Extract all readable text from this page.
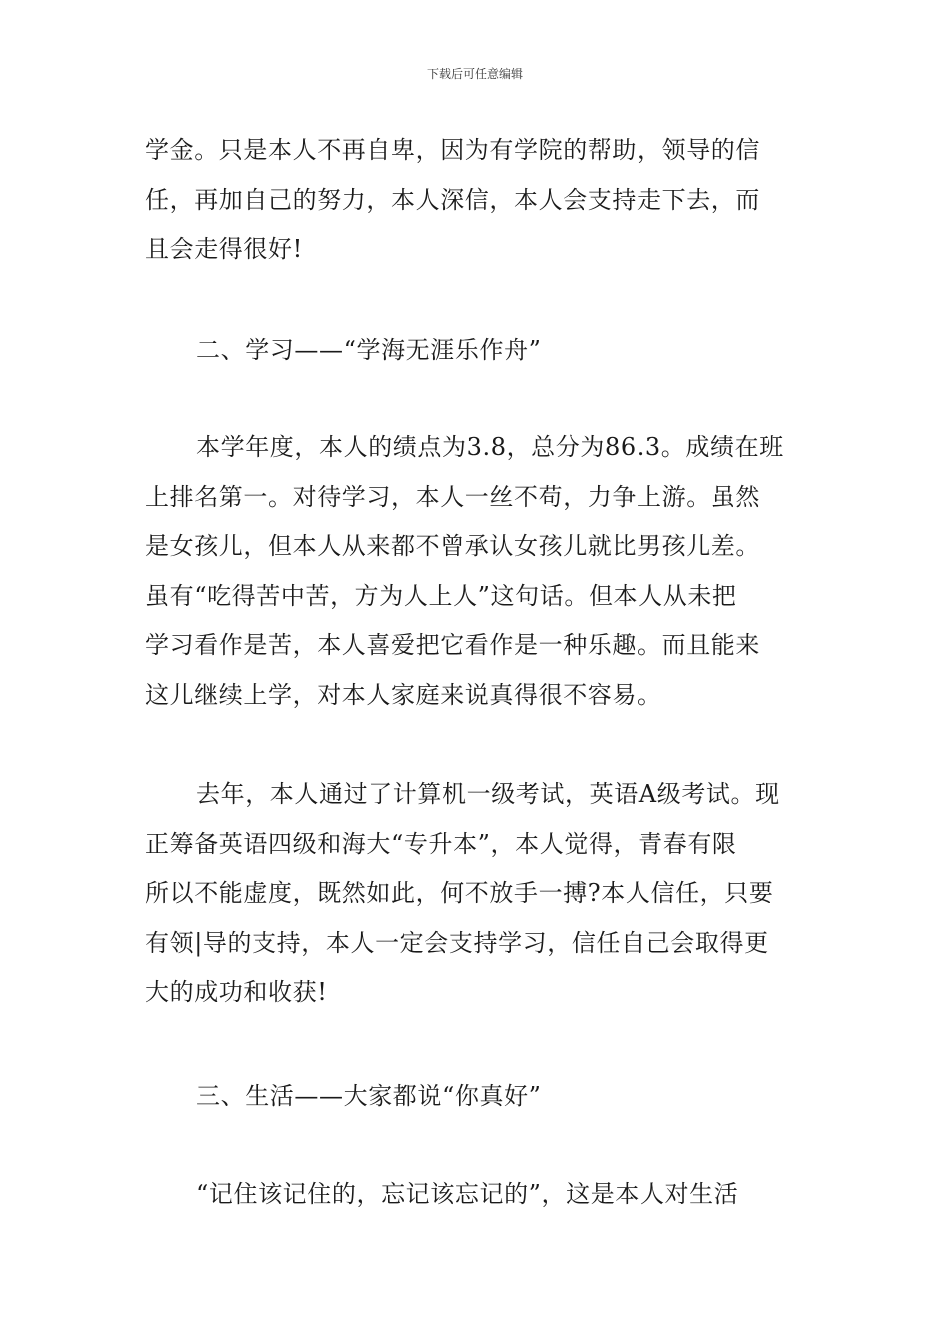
下载后可任意编辑
学金。只是本人不再自卑，因为有学院的帮助，领导的信
任，再加自己的努力，本人深信，本人会支持走下去，而
且会走得很好!
二、学习——“学海无涯乐作舟”
本学年度，本人的绩点为3.8，总分为86.3。成绩在班
上排名第一。对待学习，本人一丝不苟，力争上游。虽然
是女孩儿，但本人从来都不曾承认女孩儿就比男孩儿差。
虽有“吃得苦中苦，方为人上人”这句话。但本人从未把
学习看作是苦，本人喜爱把它看作是一种乐趣。而且能来
这儿继续上学，对本人家庭来说真得很不容易。
去年，本人通过了计算机一级考试，英语A级考试。现
正筹备英语四级和海大“专升本”，本人觉得，青春有限
所以不能虚度，既然如此，何不放手一搏?本人信任，只要
有领|导的支持，本人一定会支持学习，信任自己会取得更
大的成功和收获!
三、生活——大家都说“你真好”
“记住该记住的，忘记该忘记的”，这是本人对生活
